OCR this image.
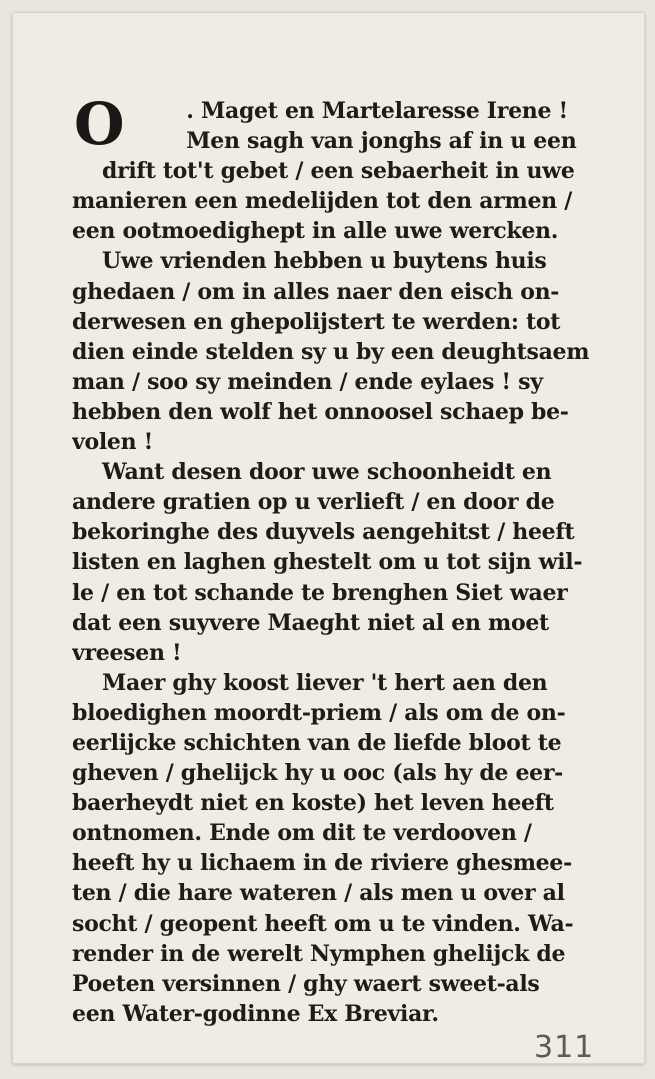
O	. Maget en Martelaresse Irene !
Men sagh van jonghs af in u een
drift tot't gebet / een sebaerheit in uwe
manieren een medelijden tot den armen /
een ootmoedighept in alle uwe wercken.
Uwe vrienden hebben u buytens huis
ghedaen / om in alles naer den eisch on-
derwesen en ghepolijstert te werden: tot
dien einde stelden sy u by een deughtsaem
man / soo sy meinden / ende eylaes ! sy
hebben den wolf het onnoosel schaep be-
volen !
Want desen door uwe schoonheidt en
andere gratien op u verlieft / en door de
bekoringhe des duyvels aengehitst / heeft
listen en laghen ghestelt om u tot sijn wil-
le / en tot schande te brenghen Siet waer
dat een suyvere Maeght niet al en moet
vreesen !
Maer ghy koost liever 't hert aen den
bloedighen moordt-priem / als om de on-
eerlijcke schichten van de liefde bloot te
gheven / ghelijck hy u ooc (als hy de eer-
baerheydt niet en koste) het leven heeft
ontnomen. Ende om dit te verdooven /
heeft hy u lichaem in de riviere ghesmee-
ten / die hare wateren / als men u over al
socht / geopent heeft om u te vinden. Wa-
render in de werelt Nymphen ghelijck de
Poeten versinnen / ghy waert sweet-als
een Water-godinne Ex Breviar.
311
